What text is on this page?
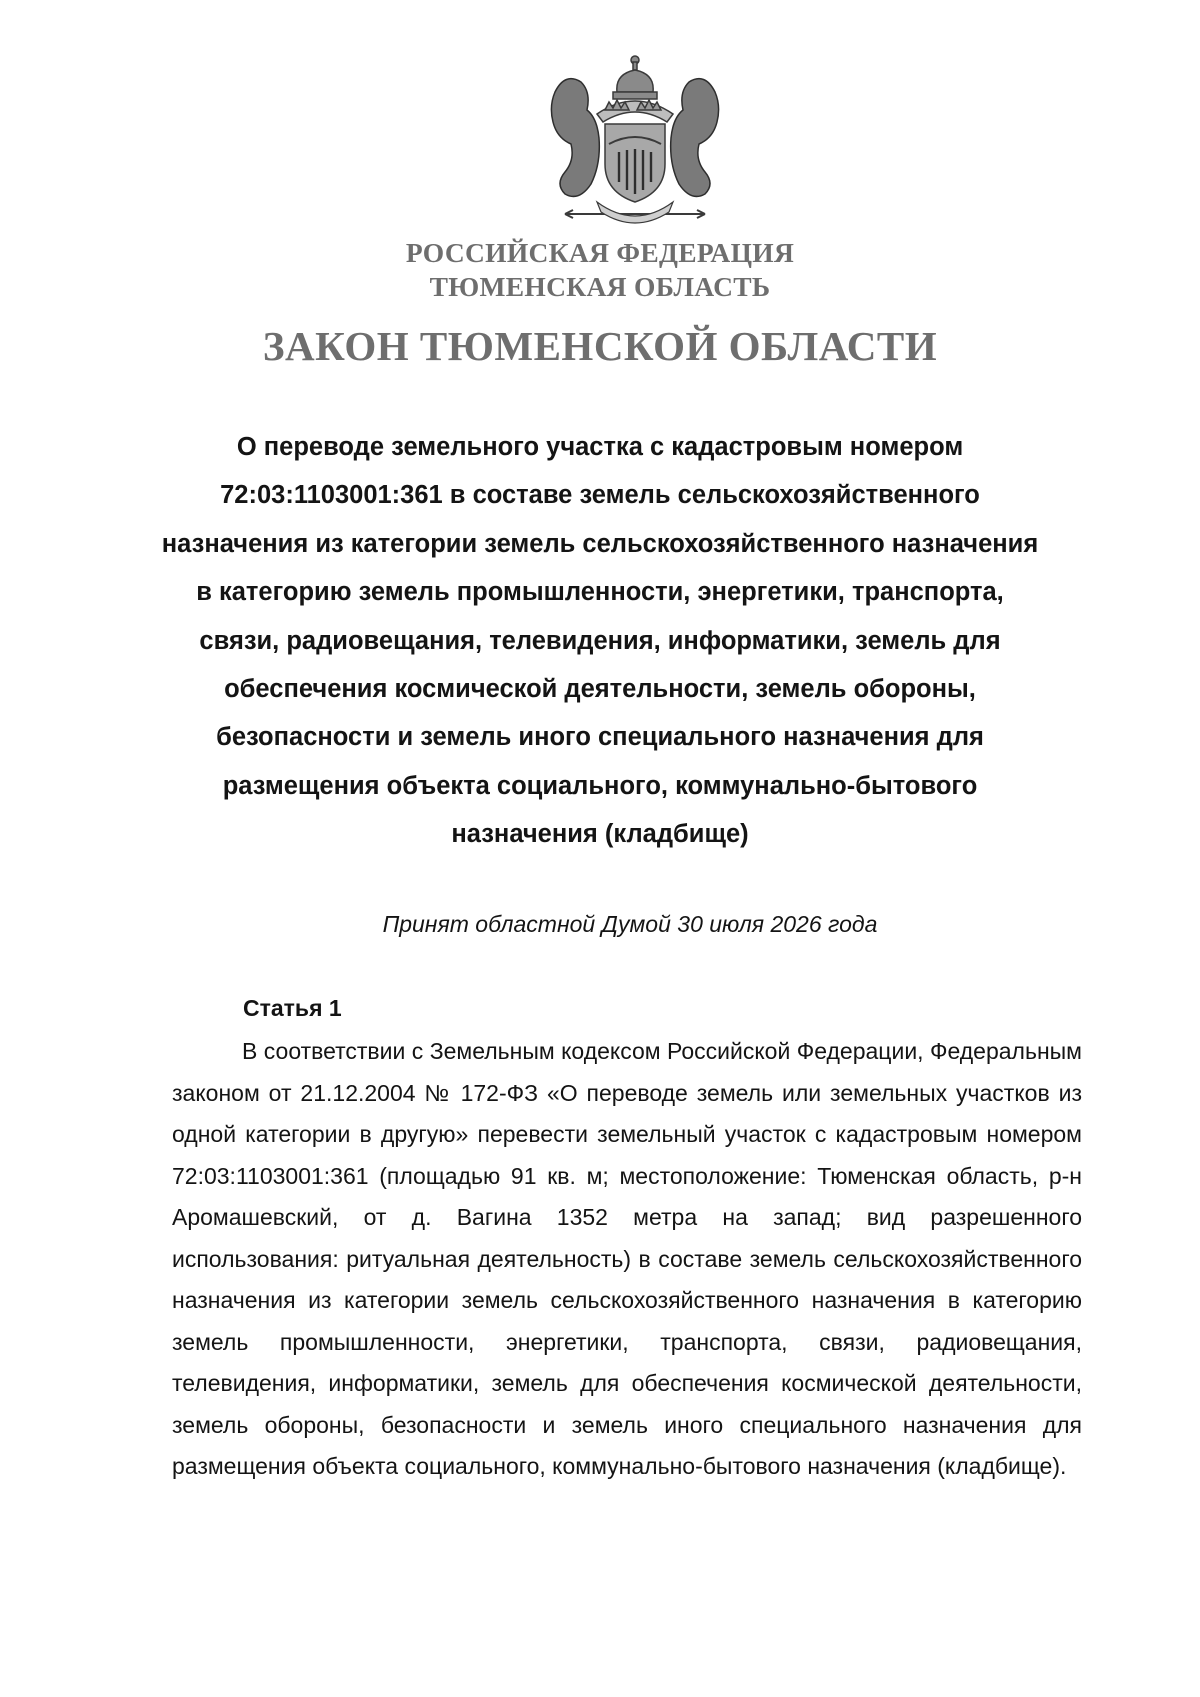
РОССИЙСКАЯ ФЕДЕРАЦИЯ
ТЮМЕНСКАЯ ОБЛАСТЬ
ЗАКОН ТЮМЕНСКОЙ ОБЛАСТИ
О переводе земельного участка с кадастровым номером 72:03:1103001:361 в составе земель сельскохозяйственного назначения из категории земель сельскохозяйственного назначения в категорию земель промышленности, энергетики, транспорта, связи, радиовещания, телевидения, информатики, земель для обеспечения космической деятельности, земель обороны, безопасности и земель иного специального назначения для размещения объекта социального, коммунально-бытового назначения (кладбище)
Принят областной Думой 30 июля 2026 года
Статья 1

В соответствии с Земельным кодексом Российской Федерации, Федеральным законом от 21.12.2004 № 172-ФЗ «О переводе земель или земельных участков из одной категории в другую» перевести земельный участок с кадастровым номером 72:03:1103001:361 (площадью 91 кв. м; местоположение: Тюменская область, р-н Аромашевский, от д. Вагина 1352 метра на запад; вид разрешенного использования: ритуальная деятельность) в составе земель сельскохозяйственного назначения из категории земель сельскохозяйственного назначения в категорию земель промышленности, энергетики, транспорта, связи, радиовещания, телевидения, информатики, земель для обеспечения космической деятельности, земель обороны, безопасности и земель иного специального назначения для размещения объекта социального, коммунально-бытового назначения (кладбище).
